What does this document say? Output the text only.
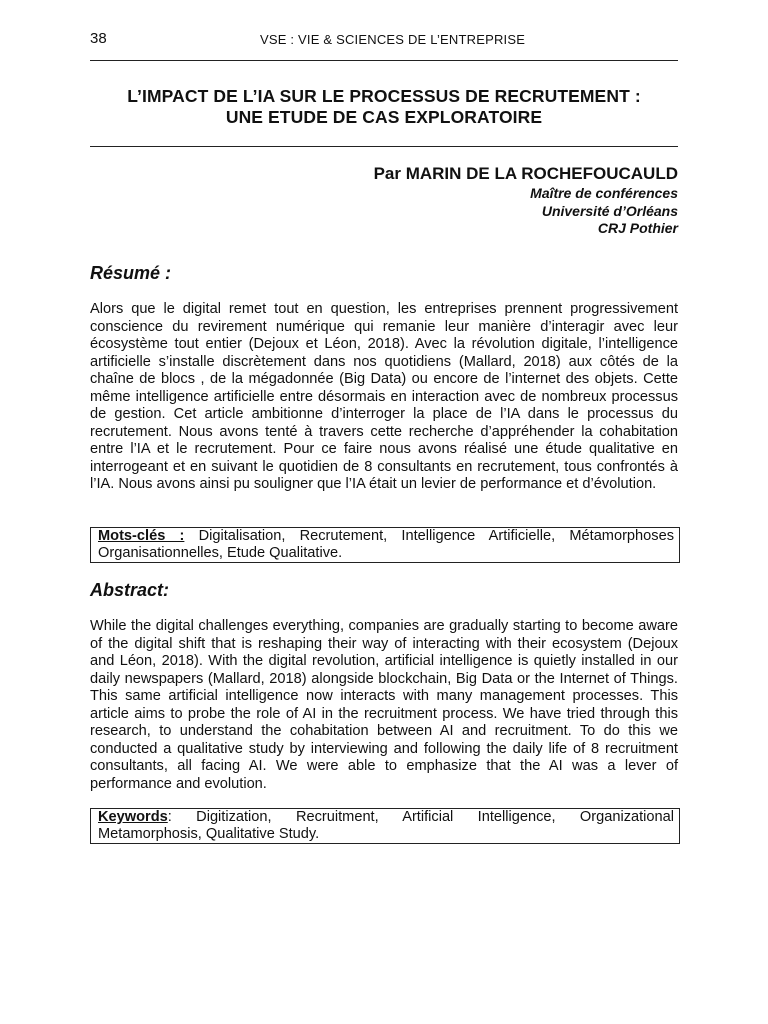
38	VSE : VIE & SCIENCES DE L’ENTREPRISE
L’IMPACT DE L’IA SUR LE PROCESSUS DE RECRUTEMENT :
UNE ETUDE DE CAS EXPLORATOIRE
Par MARIN DE LA ROCHEFOUCAULD
Maître de conférences
Université d’Orléans
CRJ Pothier
Résumé :
Alors que le digital remet tout en question, les entreprises prennent progressivement conscience du revirement numérique qui remanie leur manière d’interagir avec leur écosystème tout entier (Dejoux et Léon, 2018). Avec la révolution digitale, l’intelligence artificielle s’installe discrètement dans nos quotidiens (Mallard, 2018) aux côtés de la chaîne de blocs , de la mégadonnée (Big Data) ou encore de l’internet des objets. Cette même intelligence artificielle entre désormais en interaction avec de nombreux processus de gestion. Cet article ambitionne d’interroger la place de l’IA dans le processus du recrutement. Nous avons tenté à travers cette recherche d’appréhender la cohabitation entre l’IA et le recrutement. Pour ce faire nous avons réalisé une étude qualitative en interrogeant et en suivant le quotidien de 8 consultants en recrutement, tous confrontés à l’IA. Nous avons ainsi pu souligner que l’IA était un levier de performance et d’évolution.
Mots-clés : Digitalisation, Recrutement, Intelligence Artificielle, Métamorphoses Organisationnelles, Etude Qualitative.
Abstract:
While the digital challenges everything, companies are gradually starting to become aware of the digital shift that is reshaping their way of interacting with their ecosystem (Dejoux and Léon, 2018). With the digital revolution, artificial intelligence is quietly installed in our daily newspapers (Mallard, 2018) alongside blockchain, Big Data or the Internet of Things. This same artificial intelligence now interacts with many management processes. This article aims to probe the role of AI in the recruitment process. We have tried through this research, to understand the cohabitation between AI and recruitment. To do this we conducted a qualitative study by interviewing and following the daily life of 8 recruitment consultants, all facing AI. We were able to emphasize that the AI was a lever of performance and evolution.
Keywords: Digitization, Recruitment, Artificial Intelligence, Organizational Metamorphosis, Qualitative Study.
